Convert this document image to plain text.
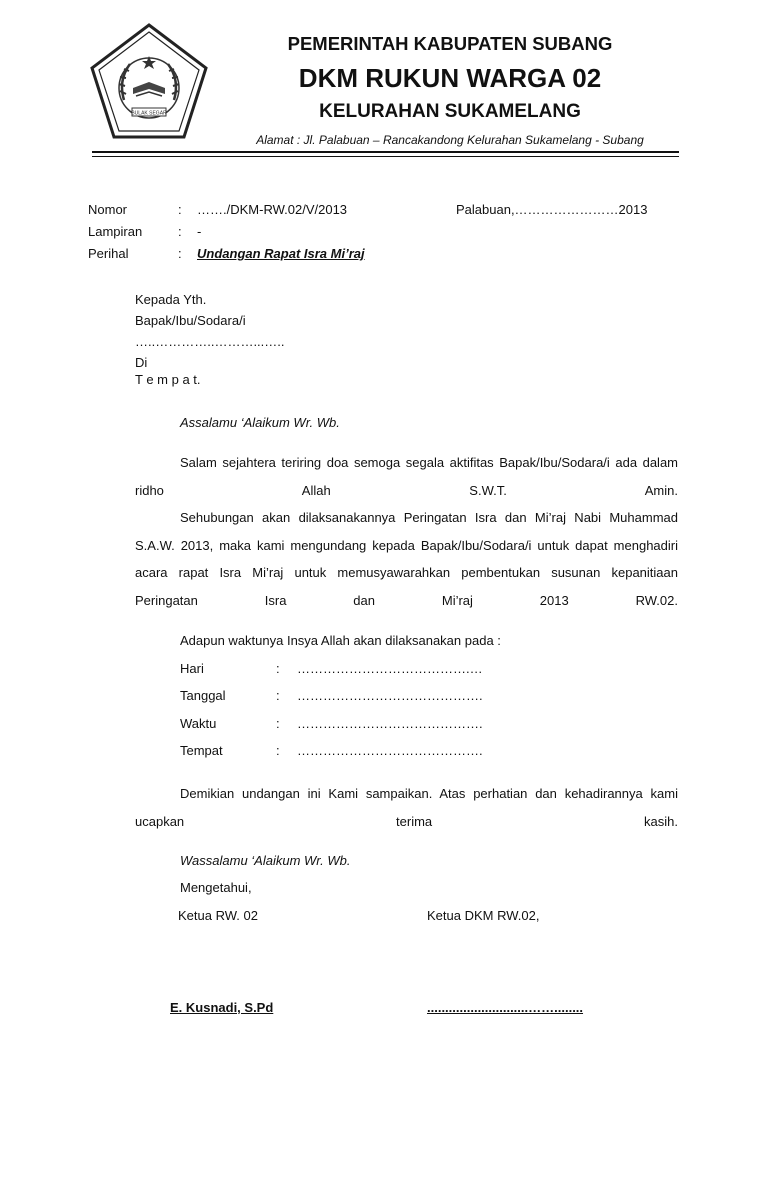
BULAK SEGAR
PEMERINTAH KABUPATEN SUBANG
DKM RUKUN WARGA 02
KELURAHAN SUKAMELANG
Alamat : Jl. Palabuan – Rancakandong Kelurahan Sukamelang - Subang
Nomor	: ……./DKM-RW.02/V/2013	Palabuan,……………………2013
Lampiran	: -
Perihal	: Undangan Rapat Isra Mi’raj
Kepada Yth.
Bapak/Ibu/Sodara/i
…..…………..………...…..
Di
T e m p a t.
Assalamu ‘Alaikum Wr. Wb.
Salam sejahtera teriring doa semoga segala aktifitas Bapak/Ibu/Sodara/i ada dalam ridho Allah S.W.T. Amin.
Sehubungan akan dilaksanakannya Peringatan Isra dan Mi’raj Nabi Muhammad S.A.W. 2013, maka kami mengundang kepada Bapak/Ibu/Sodara/i untuk dapat menghadiri acara rapat Isra Mi’raj untuk memusyawarahkan pembentukan susunan kepanitiaan Peringatan Isra dan Mi’raj 2013 RW.02.
Adapun waktunya Insya Allah akan dilaksanakan pada :
Hari	: ………………………………….…
Tanggal	: …………………………………….
Waktu	: …………………………………….
Tempat	: …………………………………….
Demikian undangan ini Kami sampaikan. Atas perhatian dan kehadirannya kami ucapkan terima kasih.
Wassalamu ‘Alaikum Wr. Wb.
Mengetahui,
Ketua RW. 02	Ketua DKM RW.02,
E. Kusnadi, S.Pd	............................……........
